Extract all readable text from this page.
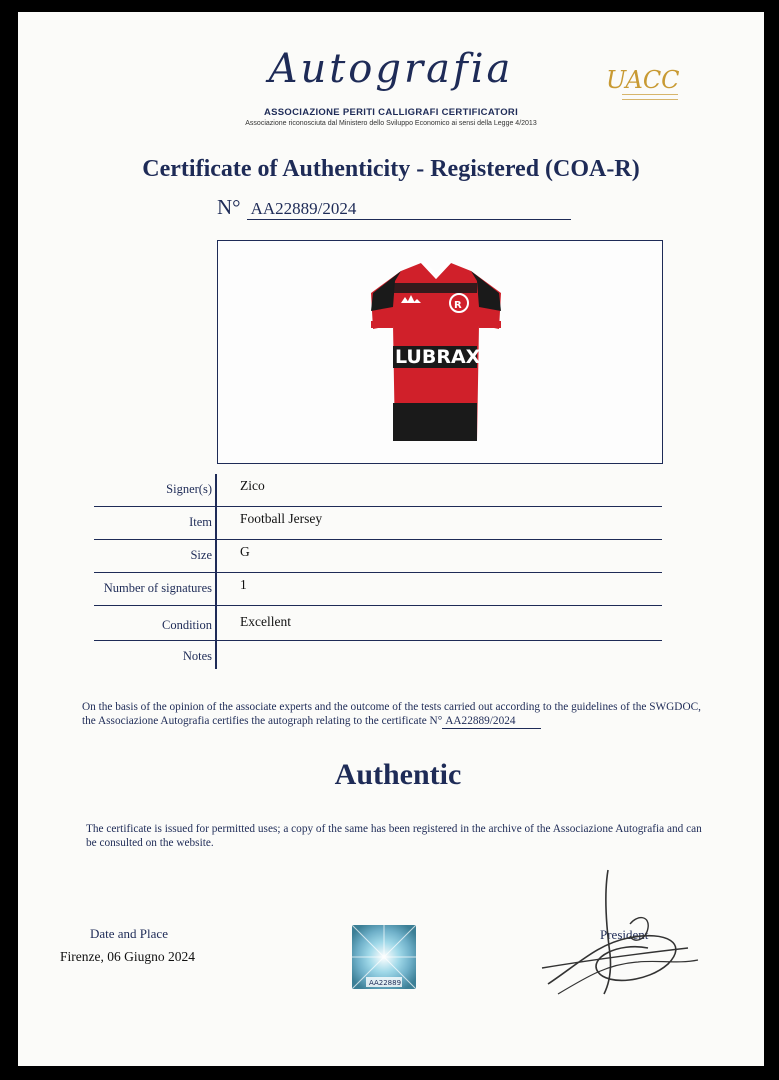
Autografia
ASSOCIAZIONE PERITI CALLIGRAFI CERTIFICATORI
Associazione riconosciuta dal Ministero dello Sviluppo Economico ai sensi della Legge 4/2013
UACC
Certificate of Authenticity - Registered (COA-R)
N° AA22889/2024
R
LUBRAX
Signer(s) Zico
Item Football Jersey
Size G
Number of signatures 1
Condition Excellent
Notes
On the basis of the opinion of the associate experts and the outcome of the tests carried out according to the guidelines of the SWGDOC, the Associazione Autografia certifies the autograph relating to the certificate N° AA22889/2024
Authentic
The certificate is issued for permitted uses; a copy of the same has been registered in the archive of the Associazione Autografia and can be consulted on the website.
Date and Place
Firenze, 06 Giugno 2024
AA22889
President
